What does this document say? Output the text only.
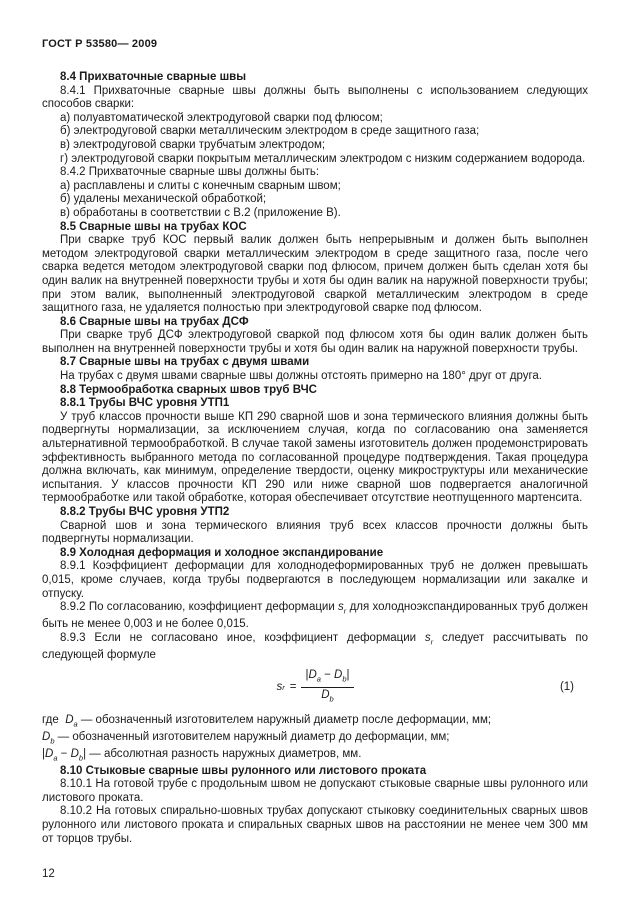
ГОСТ Р 53580— 2009

8.4 Прихваточные сварные швы

8.4.1 Прихваточные сварные швы должны быть выполнены с использованием следующих способов сварки:

а) полуавтоматической электродуговой сварки под флюсом;

б) электродуговой сварки металлическим электродом в среде защитного газа;

в) электродуговой сварки трубчатым электродом;

г) электродуговой сварки покрытым металлическим электродом с низким содержанием водорода.

8.4.2 Прихваточные сварные швы должны быть:

а) расплавлены и слиты с конечным сварным швом;

б) удалены механической обработкой;

в) обработаны в соответствии с В.2 (приложение В).

8.5 Сварные швы на трубах КОС

При сварке труб КОС первый валик должен быть непрерывным и должен быть выполнен методом электродуговой сварки металлическим электродом в среде защитного газа, после чего сварка ведется методом электродуговой сварки под флюсом, причем должен быть сделан хотя бы один валик на внутренней поверхности трубы и хотя бы один валик на наружной поверхности трубы; при этом валик, выполненный электродуговой сваркой металлическим электродом в среде защитного газа, не удаляется полностью при электродуговой сварке под флюсом.

8.6 Сварные швы на трубах ДСФ

При сварке труб ДСФ электродуговой сваркой под флюсом хотя бы один валик должен быть выполнен на внутренней поверхности трубы и хотя бы один валик на наружной поверхности трубы.

8.7 Сварные швы на трубах с двумя швами

На трубах с двумя швами сварные швы должны отстоять примерно на 180° друг от друга.

8.8 Термообработка сварных швов труб ВЧС

8.8.1 Трубы ВЧС уровня УТП1

У труб классов прочности выше КП 290 сварной шов и зона термического влияния должны быть подвергнуты нормализации, за исключением случая, когда по согласованию она заменяется альтернативной термообработкой. В случае такой замены изготовитель должен продемонстрировать эффективность выбранного метода по согласованной процедуре подтверждения. Такая процедура должна включать, как минимум, определение твердости, оценку микроструктуры или механические испытания. У классов прочности КП 290 или ниже сварной шов подвергается аналогичной термообработке или такой обработке, которая обеспечивает отсутствие неотпущенного мартенсита.

8.8.2 Трубы ВЧС уровня УТП2

Сварной шов и зона термического влияния труб всех классов прочности должны быть подвергнуты нормализации.

8.9 Холодная деформация и холодное экспандирование

8.9.1 Коэффициент деформации для холоднодеформированных труб не должен превышать 0,015, кроме случаев, когда трубы подвергаются в последующем нормализации или закалке и отпуску.

8.9.2 По согласованию, коэффициент деформации $s_r$ для холодноэкспандированных труб должен быть не менее 0,003 и не более 0,015.

8.9.3 Если не согласовано иное, коэффициент деформации $s_r$ следует рассчитывать по следующей формуле

s $r = \frac{|D_a - D_b|}{D_b}$	(1)

где  $D_a$ — обозначенный изготовителем наружный диаметр после деформации, мм;

$D_b$ — обозначенный изготовителем наружный диаметр до деформации, мм;

$|D_a - D_b|$ — абсолютная разность наружных диаметров, мм.

8.10 Стыковые сварные швы рулонного или листового проката

8.10.1 На готовой трубе с продольным швом не допускают стыковые сварные швы рулонного или листового проката.

8.10.2 На готовых спирально-шовных трубах допускают стыковку соединительных сварных швов рулонного или листового проката и спиральных сварных швов на расстоянии не менее чем 300 мм от торцов трубы.

12
